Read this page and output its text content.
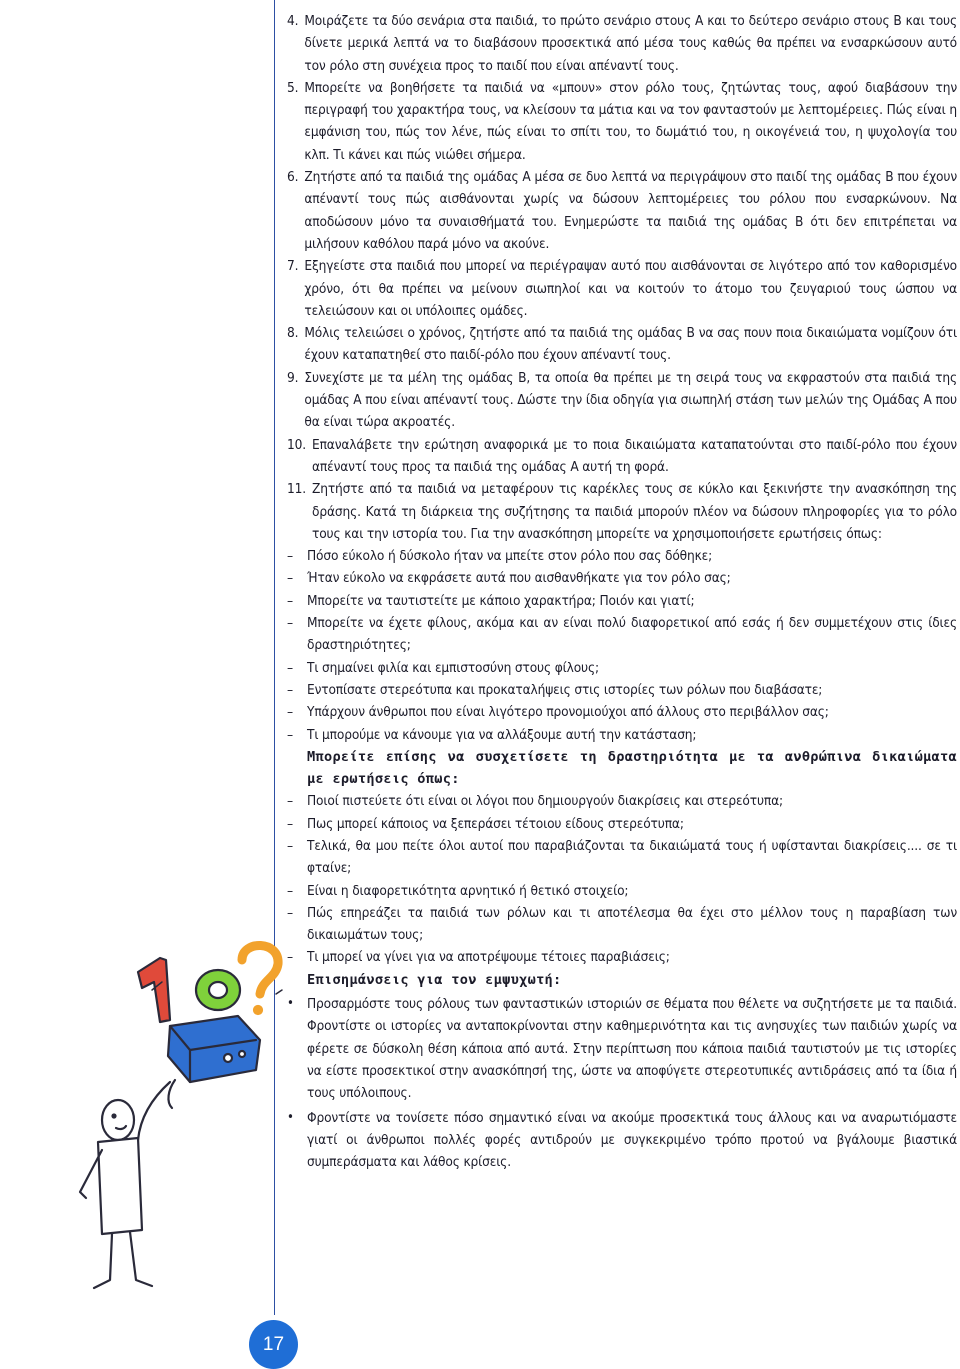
17
4. Μοιράζετε τα δύο σενάρια στα παιδιά, το πρώτο σενάριο στους Α και το δεύτερο σενάριο στους Β και τους δίνετε μερικά λεπτά να το διαβάσουν προσεκτικά από μέσα τους καθώς θα πρέπει να ενσαρκώσουν αυτό τον ρόλο στη συνέχεια προς το παιδί που είναι απέναντί τους.
5. Μπορείτε να βοηθήσετε τα παιδιά να «μπουν» στον ρόλο τους, ζητώντας τους, αφού διαβάσουν την περιγραφή του χαρακτήρα τους, να κλείσουν τα μάτια και να τον φανταστούν με λεπτομέρειες. Πώς είναι η εμφάνιση του, πώς τον λένε, πώς είναι το σπίτι του, το δωμάτιό του, η οικογένειά του, η ψυχολογία του κλπ. Τι κάνει και πώς νιώθει σήμερα.
6. Ζητήστε από τα παιδιά της ομάδας Α μέσα σε δυο λεπτά να περιγράψουν στο παιδί της ομάδας Β που έχουν απέναντί τους πώς αισθάνονται χωρίς να δώσουν λεπτομέρειες του ρόλου που ενσαρκώνουν. Να αποδώσουν μόνο τα συναισθήματά του. Ενημερώστε τα παιδιά της ομάδας Β ότι δεν επιτρέπεται να μιλήσουν καθόλου παρά μόνο να ακούνε.
7. Εξηγείστε στα παιδιά που μπορεί να περιέγραψαν αυτό που αισθάνονται σε λιγότερο από τον καθορισμένο χρόνο, ότι θα πρέπει να μείνουν σιωπηλοί και να κοιτούν το άτομο του ζευγαριού τους ώσπου να τελειώσουν και οι υπόλοιπες ομάδες.
8. Μόλις τελειώσει ο χρόνος, ζητήστε από τα παιδιά της ομάδας Β να σας πουν ποια δικαιώματα νομίζουν ότι έχουν καταπατηθεί στο παιδί-ρόλο που έχουν απέναντί τους.
9. Συνεχίστε με τα μέλη της ομάδας Β, τα οποία θα πρέπει με τη σειρά τους να εκφραστούν στα παιδιά της ομάδας Α που είναι απέναντί τους. Δώστε την ίδια οδηγία για σιωπηλή στάση των μελών της Ομάδας Α που θα είναι τώρα ακροατές.
10. Επαναλάβετε την ερώτηση αναφορικά με το ποια δικαιώματα καταπατούνται στο παιδί-ρόλο που έχουν απέναντί τους προς τα παιδιά της ομάδας Α αυτή τη φορά.
11. Ζητήστε από τα παιδιά να μεταφέρουν τις καρέκλες τους σε κύκλο και ξεκινήστε την ανασκόπηση της δράσης. Κατά τη διάρκεια της συζήτησης τα παιδιά μπορούν πλέον να δώσουν πληροφορίες για το ρόλο τους και την ιστορία του. Για την ανασκόπηση μπορείτε να χρησιμοποιήσετε ερωτήσεις όπως:
–	Πόσο εύκολο ή δύσκολο ήταν να μπείτε στον ρόλο που σας δόθηκε;
–	Ήταν εύκολο να εκφράσετε αυτά που αισθανθήκατε για τον ρόλο σας;
–	Μπορείτε να ταυτιστείτε με κάποιο χαρακτήρα; Ποιόν και γιατί;
–	Μπορείτε να έχετε φίλους, ακόμα και αν είναι πολύ διαφορετικοί από εσάς ή δεν συμμετέχουν στις ίδιες δραστηριότητες;
–	Τι σημαίνει φιλία και εμπιστοσύνη στους φίλους;
–	Εντοπίσατε στερεότυπα και προκαταλήψεις στις ιστορίες των ρόλων που διαβάσατε;
–	Υπάρχουν άνθρωποι που είναι λιγότερο προνομιούχοι από άλλους στο περιβάλλον σας;
–	Τι μπορούμε να κάνουμε για να αλλάξουμε αυτή την κατάσταση;
Μπορείτε επίσης να συσχετίσετε τη δραστηριότητα με τα ανθρώπινα δικαιώματα με ερωτήσεις όπως:
–	Ποιοί πιστεύετε ότι είναι οι λόγοι που δημιουργούν διακρίσεις και στερεότυπα;
–	Πως μπορεί κάποιος να ξεπεράσει τέτοιου είδους στερεότυπα;
–	Τελικά, θα μου πείτε όλοι αυτοί που παραβιάζονται τα δικαιώματά τους ή υφίστανται διακρίσεις.... σε τι φταίνε;
–	Είναι η διαφορετικότητα αρνητικό ή θετικό στοιχείο;
–	Πώς επηρεάζει τα παιδιά των ρόλων και τι αποτέλεσμα θα έχει στο μέλλον τους η παραβίαση των δικαιωμάτων τους;
–	Τι μπορεί να γίνει για να αποτρέψουμε τέτοιες παραβιάσεις;
Επισημάνσεις για τον εμψυχωτή:
• Προσαρμόστε τους ρόλους των φανταστικών ιστοριών σε θέματα που θέλετε να συζητήσετε με τα παιδιά. Φροντίστε οι ιστορίες να ανταποκρίνονται στην καθημερινότητα και τις ανησυχίες των παιδιών χωρίς να φέρετε σε δύσκολη θέση κάποια από αυτά. Στην περίπτωση που κάποια παιδιά ταυτιστούν με τις ιστορίες να είστε προσεκτικοί στην ανασκόπησή της, ώστε να αποφύγετε στερεοτυπικές αντιδράσεις από τα ίδια ή τους υπόλοιπους.
• Φροντίστε να τονίσετε πόσο σημαντικό είναι να ακούμε προσεκτικά τους άλλους και να αναρωτιόμαστε γιατί οι άνθρωποι πολλές φορές αντιδρούν με συγκεκριμένο τρόπο προτού να βγάλουμε βιαστικά συμπεράσματα και λάθος κρίσεις.
